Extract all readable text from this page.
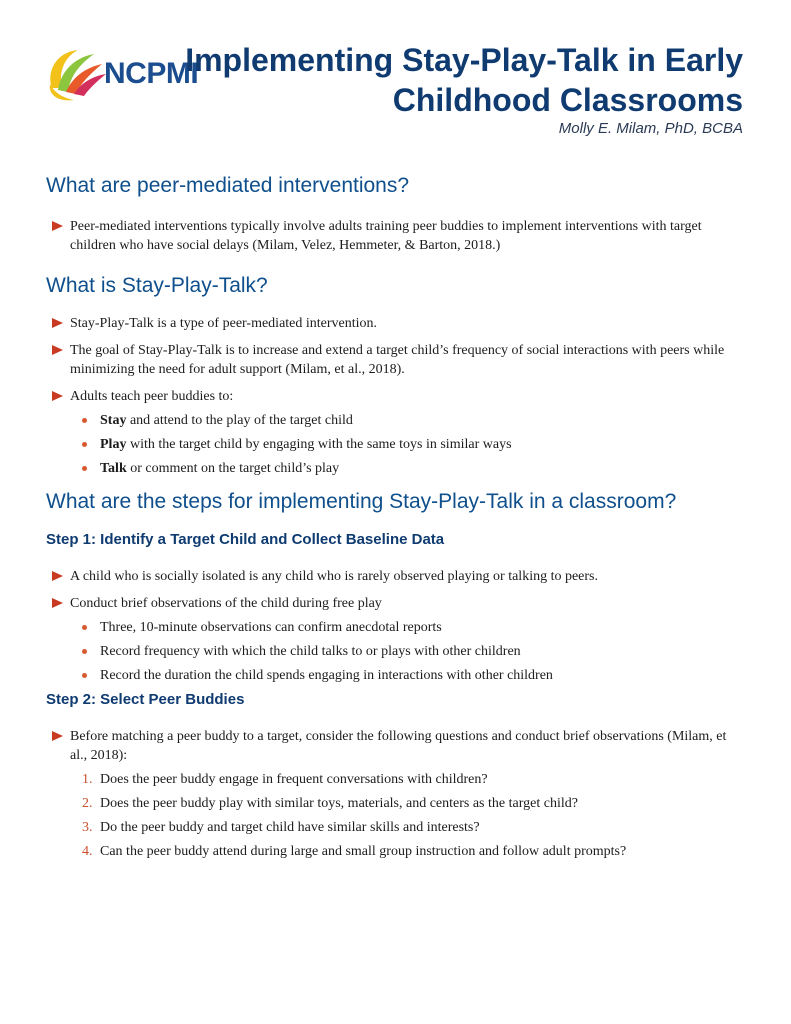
NCPMI
Implementing Stay-Play-Talk in Early Childhood Classrooms
Molly E. Milam, PhD, BCBA
What are peer-mediated interventions?
Peer-mediated interventions typically involve adults training peer buddies to implement interventions with target children who have social delays (Milam, Velez, Hemmeter, & Barton, 2018.)
What is Stay-Play-Talk?
Stay-Play-Talk is a type of peer-mediated intervention.
The goal of Stay-Play-Talk is to increase and extend a target child’s frequency of social interactions with peers while minimizing the need for adult support (Milam, et al., 2018).
Adults teach peer buddies to:
Stay and attend to the play of the target child
Play with the target child by engaging with the same toys in similar ways
Talk or comment on the target child’s play
What are the steps for implementing Stay-Play-Talk in a classroom?
Step 1: Identify a Target Child and Collect Baseline Data
A child who is socially isolated is any child who is rarely observed playing or talking to peers.
Conduct brief observations of the child during free play
Three, 10-minute observations can confirm anecdotal reports
Record frequency with which the child talks to or plays with other children
Record the duration the child spends engaging in interactions with other children
Step 2: Select Peer Buddies
Before matching a peer buddy to a target, consider the following questions and conduct brief observations (Milam, et al., 2018):
1. Does the peer buddy engage in frequent conversations with children?
2. Does the peer buddy play with similar toys, materials, and centers as the target child?
3. Do the peer buddy and target child have similar skills and interests?
4. Can the peer buddy attend during large and small group instruction and follow adult prompts?
